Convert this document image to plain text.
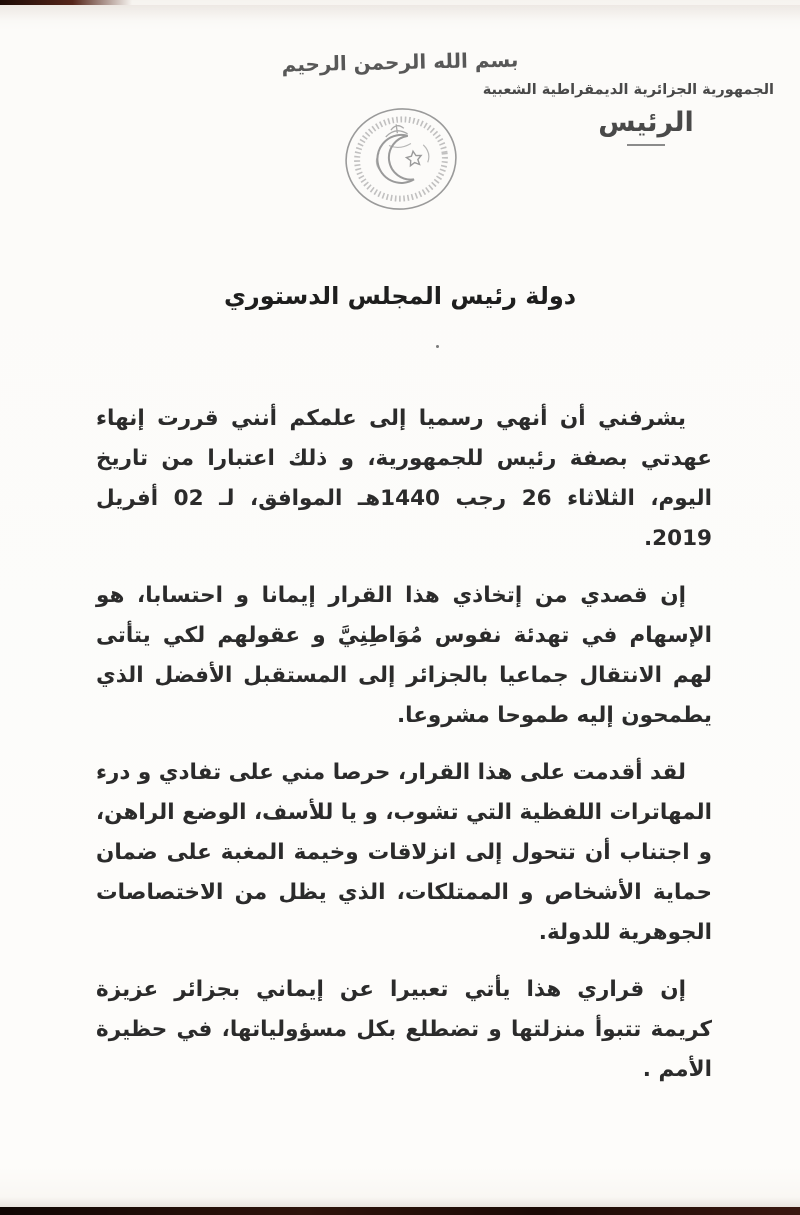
بسم الله الرحمن الرحيم
الجمهورية الجزائرية الديمقراطية الشعبية
الرئيس
دولة رئيس المجلس الدستوري

يشرفني أن أنهي رسميا إلى علمكم أنني قررت إنهاء عهدتي بصفة رئيس للجمهورية، و ذلك اعتبارا من تاريخ اليوم، الثلاثاء 26 رجب 1440هـ الموافق، لـ 02 أفريل 2019.

إن قصدي من إتخاذي هذا القرار إيمانا و احتسابا، هو الإسهام في تهدئة نفوس مُوَاطِنِيَّ و عقولهم لكي يتأتى لهم الانتقال جماعيا بالجزائر إلى المستقبل الأفضل الذي يطمحون إليه طموحا مشروعا.

لقد أقدمت على هذا القرار، حرصا مني على تفادي و درء المهاترات اللفظية التي تشوب، و يا للأسف، الوضع الراهن، و اجتناب أن تتحول إلى انزلاقات وخيمة المغبة على ضمان حماية الأشخاص و الممتلكات، الذي يظل من الاختصاصات الجوهرية للدولة.

إن قراري هذا يأتي تعبيرا عن إيماني بجزائر عزيزة كريمة تتبوأ منزلتها و تضطلع بكل مسؤولياتها، في حظيرة الأمم .
